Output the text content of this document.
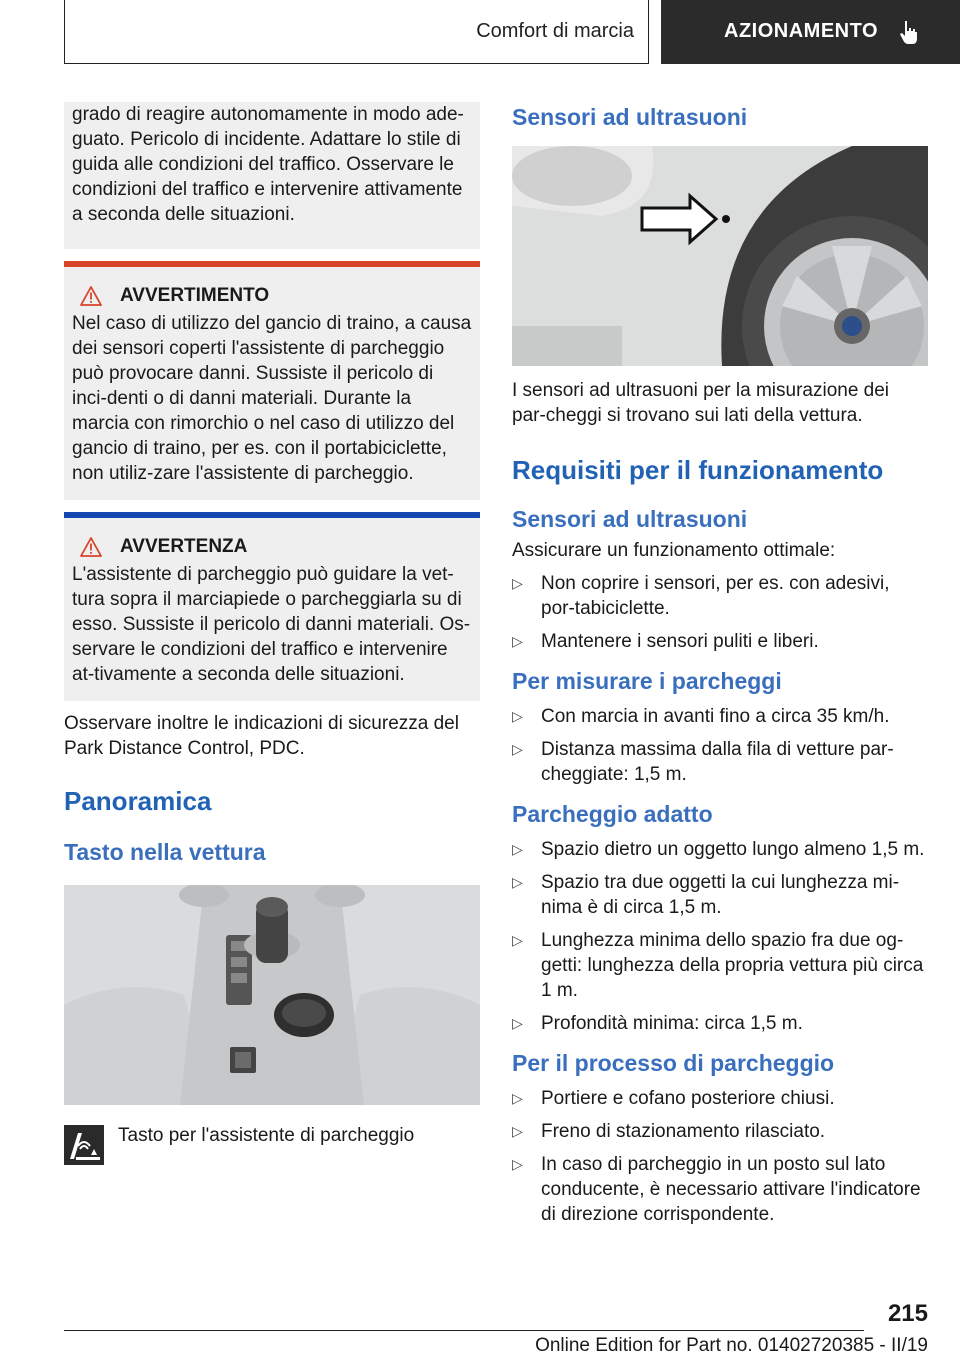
Comfort di marcia	AZIONAMENTO

grado di reagire autonomamente in modo ade-guato. Pericolo di incidente. Adattare lo stile di guida alle condizioni del traffico. Osservare le condizioni del traffico e intervenire attivamente a seconda delle situazioni.

AVVERTIMENTO

Nel caso di utilizzo del gancio di traino, a causa dei sensori coperti l'assistente di parcheggio può provocare danni. Sussiste il pericolo di inci-denti o di danni materiali. Durante la marcia con rimorchio o nel caso di utilizzo del gancio di traino, per es. con il portabiciclette, non utiliz-zare l'assistente di parcheggio.

AVVERTENZA

L'assistente di parcheggio può guidare la vet-tura sopra il marciapiede o parcheggiarla su di esso. Sussiste il pericolo di danni materiali. Os-servare le condizioni del traffico e intervenire at-tivamente a seconda delle situazioni.

Osservare inoltre le indicazioni di sicurezza del Park Distance Control, PDC.

Panoramica
Tasto nella vettura

Tasto per l'assistente di parcheggio

Sensori ad ultrasuoni

I sensori ad ultrasuoni per la misurazione dei par-cheggi si trovano sui lati della vettura.

Requisiti per il funzionamento
Sensori ad ultrasuoni

Assicurare un funzionamento ottimale:

▷ Non coprire i sensori, per es. con adesivi, por-tabiciclette.
▷ Mantenere i sensori puliti e liberi.
Per misurare i parcheggi
▷ Con marcia in avanti fino a circa 35 km/h.
▷ Distanza massima dalla fila di vetture par-cheggiate: 1,5 m.
Parcheggio adatto
▷ Spazio dietro un oggetto lungo almeno 1,5 m.
▷ Spazio tra due oggetti la cui lunghezza mi-nima è di circa 1,5 m.
▷ Lunghezza minima dello spazio fra due og-getti: lunghezza della propria vettura più circa 1 m.
▷ Profondità minima: circa 1,5 m.
Per il processo di parcheggio
▷ Portiere e cofano posteriore chiusi.
▷ Freno di stazionamento rilasciato.
▷ In caso di parcheggio in un posto sul lato conducente, è necessario attivare l'indicatore di direzione corrispondente.
215
Online Edition for Part no. 01402720385 - II/19
